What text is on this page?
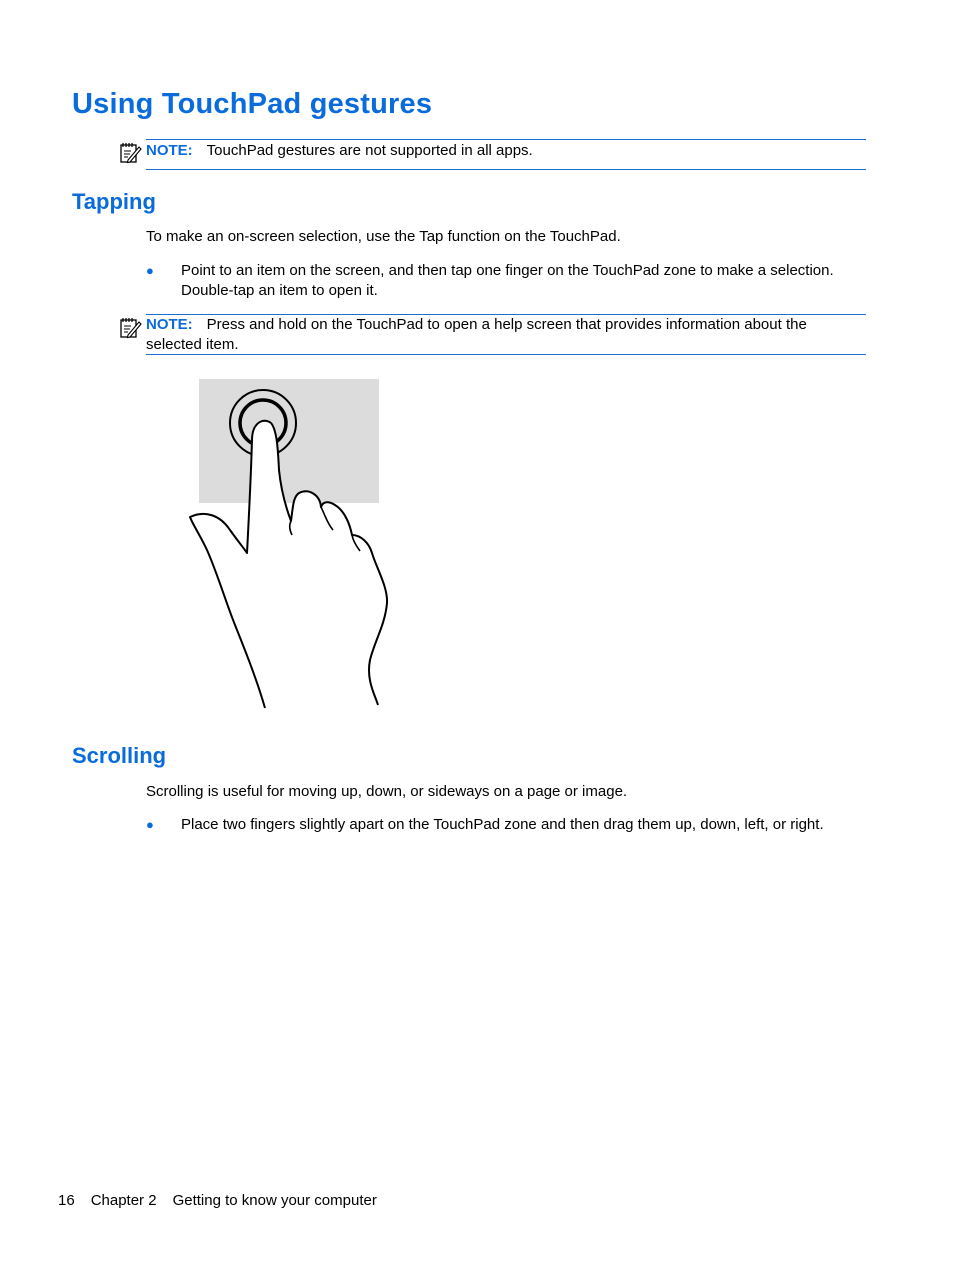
Using TouchPad gestures
NOTE: TouchPad gestures are not supported in all apps.
Tapping

To make an on-screen selection, use the Tap function on the TouchPad.

● Point to an item on the screen, and then tap one finger on the TouchPad zone to make a selection. Double-tap an item to open it.
NOTE: Press and hold on the TouchPad to open a help screen that provides information about the selected item.
Scrolling

Scrolling is useful for moving up, down, or sideways on a page or image.

● Place two fingers slightly apart on the TouchPad zone and then drag them up, down, left, or right.
16 Chapter 2 Getting to know your computer
